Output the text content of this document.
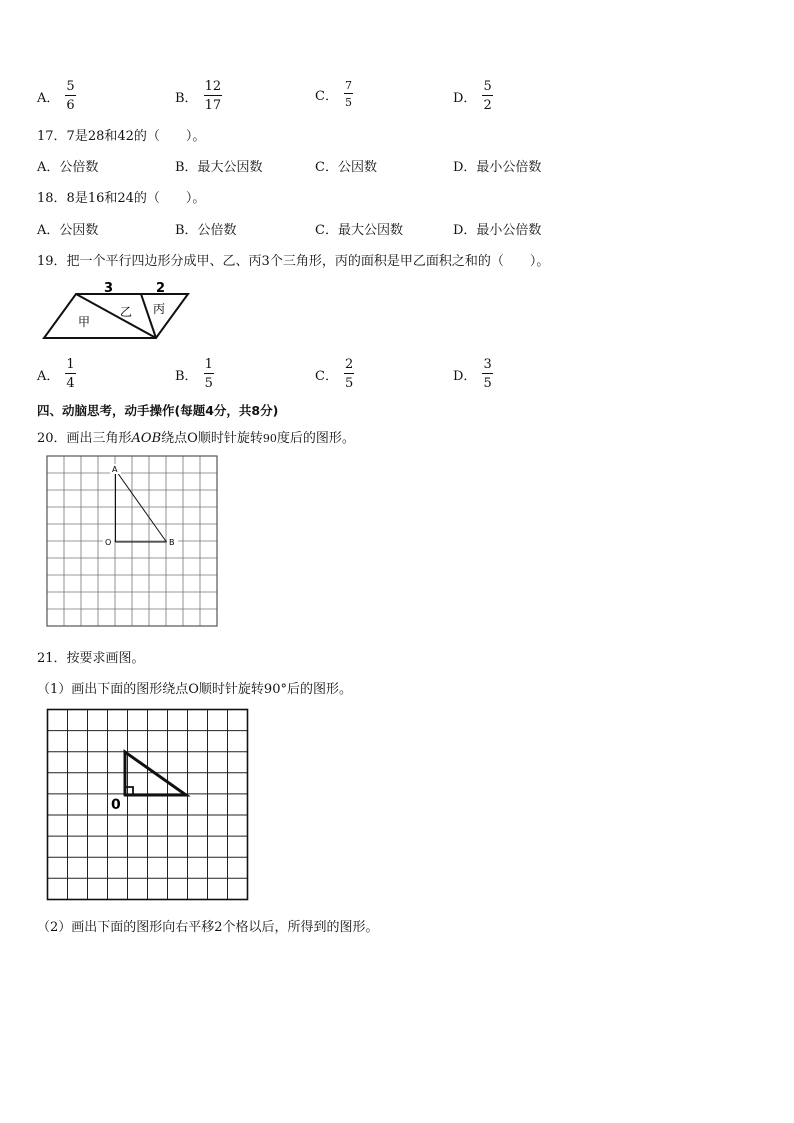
A． $\frac{5}{6}$	B． $\frac{12}{17}$	C． $\frac{7}{5}$	D． $\frac{5}{2}$
17．7是28和42的（　　）。
A．公倍数	B．最大公因数	C．公因数	D．最小公倍数
18．8是16和24的（　　）。
A．公因数	B．公倍数	C．最大公因数	D．最小公倍数
19．把一个平行四边形分成甲、乙、丙3个三角形，丙的面积是甲乙面积之和的（　　）。
3	2
甲
乙 丙
A． $\frac{1}{4}$	B． $\frac{1}{5}$	C． $\frac{2}{5}$	D． $\frac{3}{5}$
四、动脑思考，动手操作(每题4分，共8分)
20．画出三角形AOB绕点O顺时针旋转90度后的图形。
A
O	B
21．按要求画图。
（1）画出下面的图形绕点O顺时针旋转90°后的图形。
0
（2）画出下面的图形向右平移2个格以后，所得到的图形。
